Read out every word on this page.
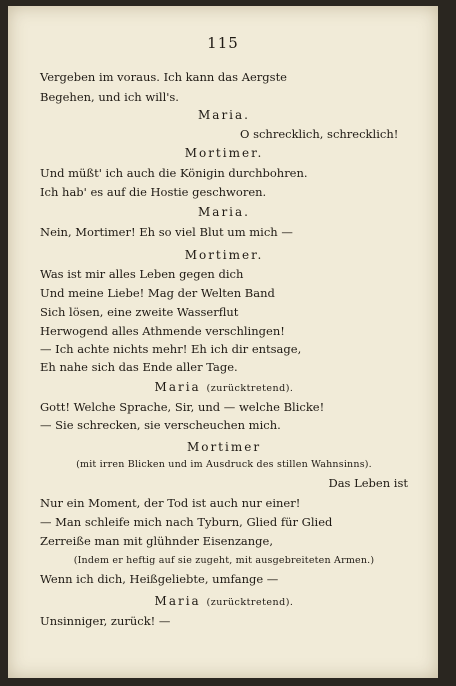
115
Vergeben im voraus. Ich kann das Aergste
Begehen, und ich will's.
Maria.
O schrecklich, schrecklich!
Mortimer.
Und müßt' ich auch die Königin durchbohren.
Ich hab' es auf die Hostie geschworen.
Maria.
Nein, Mortimer! Eh so viel Blut um mich —
Mortimer.
Was ist mir alles Leben gegen dich
Und meine Liebe! Mag der Welten Band
Sich lösen, eine zweite Wasserflut
Herwogend alles Athmende verschlingen!
— Ich achte nichts mehr! Eh ich dir entsage,
Eh nahe sich das Ende aller Tage.
Maria (zurücktretend).
Gott! Welche Sprache, Sir, und — welche Blicke!
— Sie schrecken, sie verscheuchen mich.
Mortimer
(mit irren Blicken und im Ausdruck des stillen Wahnsinns).
Das Leben ist
Nur ein Moment, der Tod ist auch nur einer!
— Man schleife mich nach Tyburn, Glied für Glied
Zerreiße man mit glühnder Eisenzange,
(Indem er heftig auf sie zugeht, mit ausgebreiteten Armen.)
Wenn ich dich, Heißgeliebte, umfange —
Maria (zurücktretend).
Unsinniger, zurück! —
